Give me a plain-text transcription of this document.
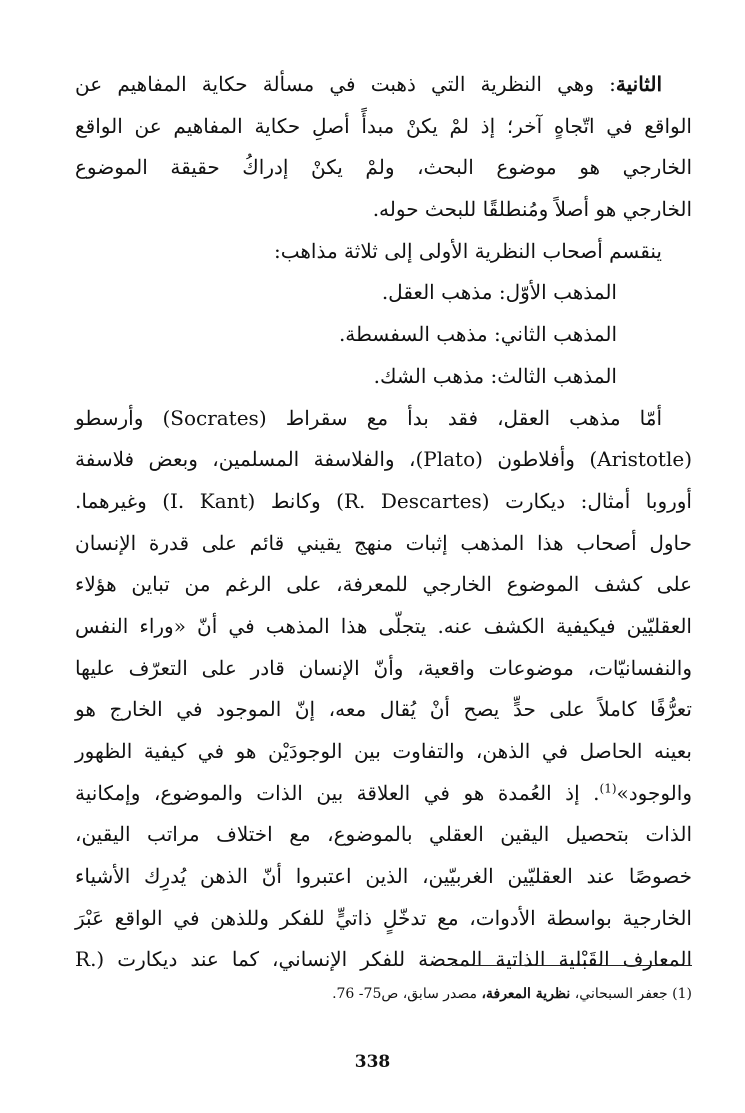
الثانية: وهي النظرية التي ذهبت في مسألة حكاية المفاهيم عن
الواقع في اتّجاهٍ آخر؛ إذ لمْ يكنْ مبدأً أصلِ حكاية المفاهيم عن الواقع
الخارجي هو موضوع البحث، ولمْ يكنْ إدراكُ حقيقة الموضوع
الخارجي هو أصلاً ومُنطلقًا للبحث حوله.
ينقسم أصحاب النظرية الأولى إلى ثلاثة مذاهب:
المذهب الأوّل: مذهب العقل.
المذهب الثاني: مذهب السفسطة.
المذهب الثالث: مذهب الشك.
أمّا مذهب العقل، فقد بدأ مع سقراط (Socrates) وأرسطو
(Aristotle) وأفلاطون (Plato)، والفلاسفة المسلمين، وبعض فلاسفة
أوروبا أمثال: ديكارت (R. Descartes) وكانط (I. Kant) وغيرهما.
حاول أصحاب هذا المذهب إثبات منهج يقيني قائم على قدرة الإنسان
على كشف الموضوع الخارجي للمعرفة، على الرغم من تباين هؤلاء
العقليّين فيكيفية الكشف عنه. يتجلّى هذا المذهب في أنّ «وراء النفس
والنفسانيّات، موضوعات واقعية، وأنّ الإنسان قادر على التعرّف عليها
تعرُّفًا كاملاً على حدٍّ يصح أنْ يُقال معه، إنّ الموجود في الخارج هو
بعينه الحاصل في الذهن، والتفاوت بين الوجودَيْن هو في كيفية الظهور
والوجود»$^{(1)}$. إذ العُمدة هو في العلاقة بين الذات والموضوع، وإمكانية
الذات بتحصيل اليقين العقلي بالموضوع، مع اختلاف مراتب اليقين،
خصوصًا عند العقليّين الغربيّين، الذين اعتبروا أنّ الذهن يُدرِك الأشياء
الخارجية بواسطة الأدوات، مع تدخّلٍ ذاتيٍّ للفكر وللذهن في الواقع عَبْرَ
المعارف القَبْلية الذاتية المحضة للفكر الإنساني، كما عند ديكارت (.R
(1) جعفر السبحاني، نظرية المعرفة، مصدر سابق، ص75- 76.
338
